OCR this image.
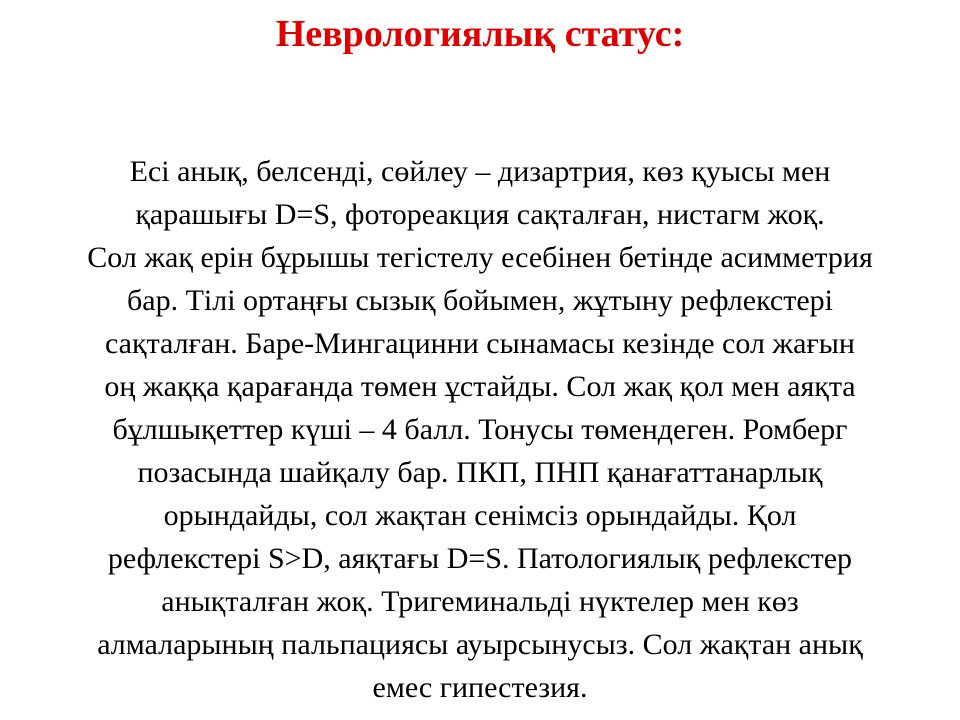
Неврологиялық статус:
Есі анық, белсенді, сөйлеу – дизартрия, көз қуысы мен
қарашығы D=S, фотореакция сақталған, нистагм жоқ.
Сол жақ ерін бұрышы тегістелу есебінен бетінде асимметрия
бар. Тілі ортаңғы сызық бойымен, жұтыну рефлекстері
сақталған. Баре-Мингацинни сынамасы кезінде сол жағын
оң жаққа қарағанда төмен ұстайды. Сол жақ қол мен аяқта
бұлшықеттер күші – 4 балл. Тонусы төмендеген. Ромберг
позасында шайқалу бар. ПКП, ПНП қанағаттанарлық
орындайды, сол жақтан сенімсіз орындайды. Қол
рефлекстері S>D, аяқтағы D=S. Патологиялық рефлекстер
анықталған жоқ. Тригеминальді нүктелер мен көз
алмаларының пальпациясы ауырсынусыз. Сол жақтан анық
емес гипестезия.
